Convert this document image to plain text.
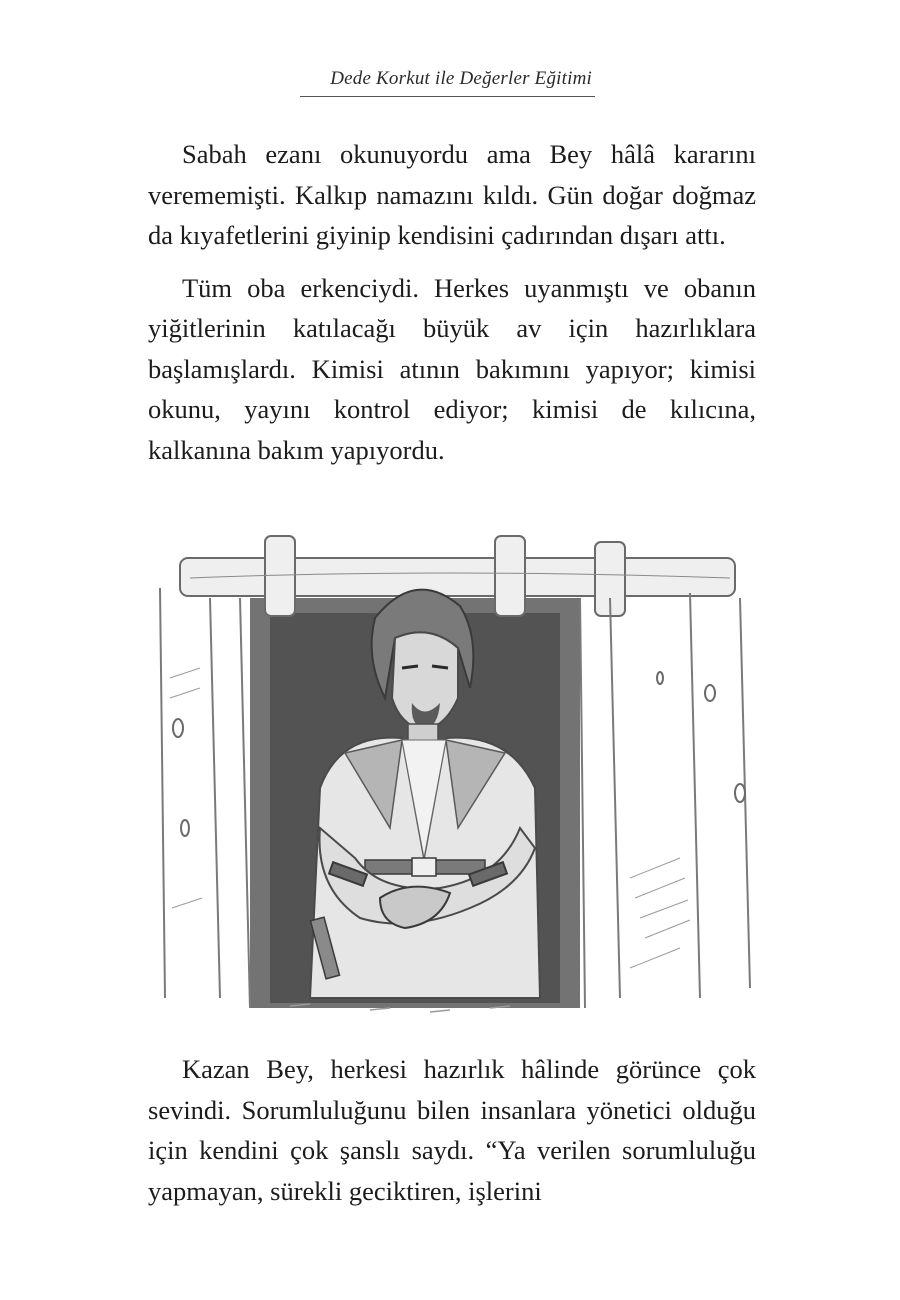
Dede Korkut ile Değerler Eğitimi

Sabah ezanı okunuyordu ama Bey hâlâ kararını verememişti. Kalkıp namazını kıldı. Gün doğar doğmaz da kıyafetlerini giyinip kendisini çadırından dışarı attı.

Tüm oba erkenciydi. Herkes uyanmıştı ve obanın yiğitlerinin katılacağı büyük av için hazırlıklara başlamışlardı. Kimisi atının bakımını yapıyor; kimisi okunu, yayını kontrol ediyor; kimisi de kılıcına, kalkanına bakım yapıyordu.

Kazan Bey, herkesi hazırlık hâlinde görünce çok sevindi. Sorumluluğunu bilen insanlara yönetici olduğu için kendini çok şanslı saydı. “Ya verilen sorumluluğu yapmayan, sürekli geciktiren, işlerini
